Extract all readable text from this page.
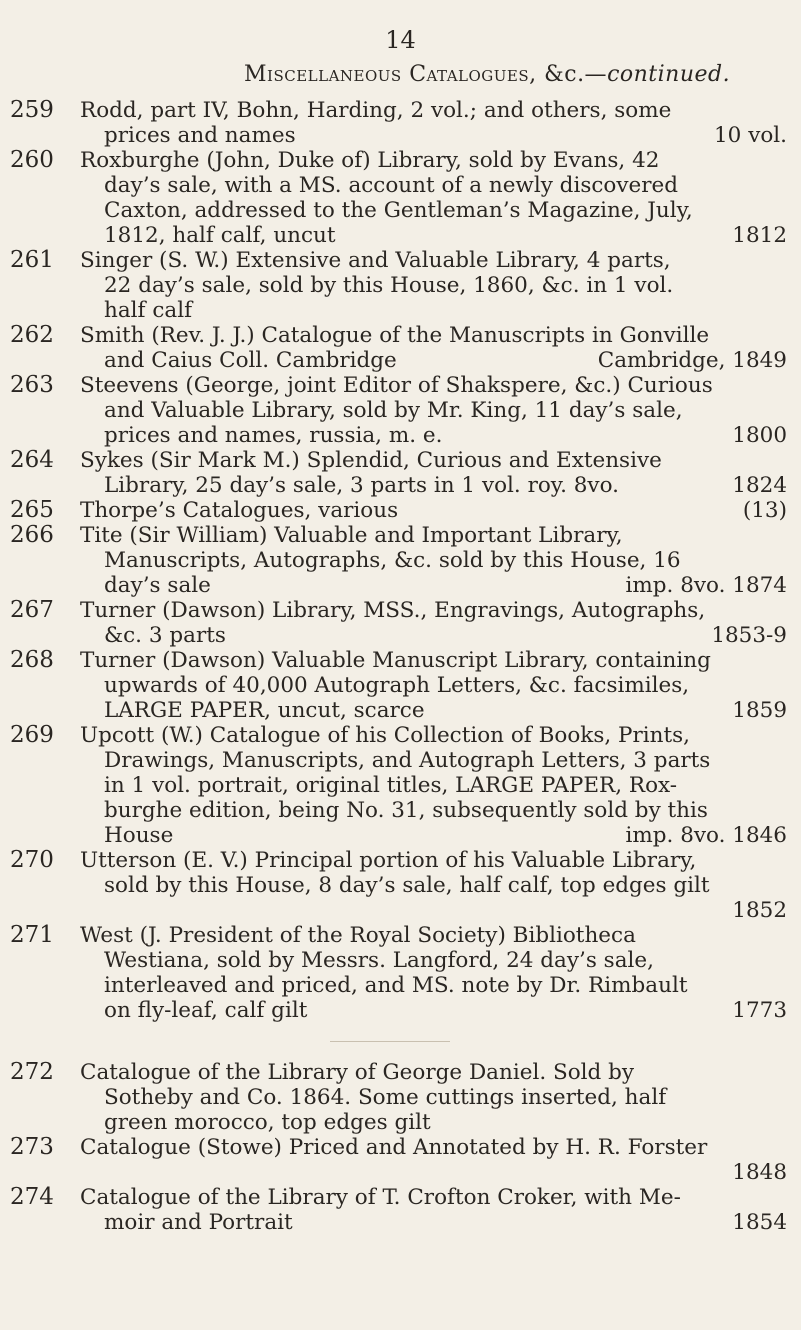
14
Miscellaneous Catalogues, &c.—continued.
259 Rodd, part IV, Bohn, Harding, 2 vol.; and others, some
prices and names	10 vol.
260 Roxburghe (John, Duke of) Library, sold by Evans, 42
day’s sale, with a MS. account of a newly discovered
Caxton, addressed to the Gentleman’s Magazine, July,
1812, half calf, uncut	1812
261 Singer (S. W.) Extensive and Valuable Library, 4 parts,
22 day’s sale, sold by this House, 1860, &c. in 1 vol.
half calf
262 Smith (Rev. J. J.) Catalogue of the Manuscripts in Gonville
and Caius Coll. Cambridge	Cambridge, 1849
263 Steevens (George, joint Editor of Shakspere, &c.) Curious
and Valuable Library, sold by Mr. King, 11 day’s sale,
prices and names, russia, m. e.	1800
264 Sykes (Sir Mark M.) Splendid, Curious and Extensive
Library, 25 day’s sale, 3 parts in 1 vol. roy. 8vo.	1824
265 Thorpe’s Catalogues, various	(13)
266 Tite (Sir William) Valuable and Important Library,
Manuscripts, Autographs, &c. sold by this House, 16
day’s sale	imp. 8vo. 1874
267 Turner (Dawson) Library, MSS., Engravings, Autographs,
&c. 3 parts	1853-9
268 Turner (Dawson) Valuable Manuscript Library, containing
upwards of 40,000 Autograph Letters, &c. facsimiles,
LARGE PAPER, uncut, scarce	1859
269 Upcott (W.) Catalogue of his Collection of Books, Prints,
Drawings, Manuscripts, and Autograph Letters, 3 parts
in 1 vol. portrait, original titles, LARGE PAPER, Rox-
burghe edition, being No. 31, subsequently sold by this
House	imp. 8vo. 1846
270 Utterson (E. V.) Principal portion of his Valuable Library,
sold by this House, 8 day’s sale, half calf, top edges gilt
1852
271 West (J. President of the Royal Society) Bibliotheca
Westiana, sold by Messrs. Langford, 24 day’s sale,
interleaved and priced, and MS. note by Dr. Rimbault
on fly-leaf, calf gilt	1773
272 Catalogue of the Library of George Daniel. Sold by
Sotheby and Co. 1864. Some cuttings inserted, half
green morocco, top edges gilt
273 Catalogue (Stowe) Priced and Annotated by H. R. Forster
1848
274 Catalogue of the Library of T. Crofton Croker, with Me-
moir and Portrait	1854
